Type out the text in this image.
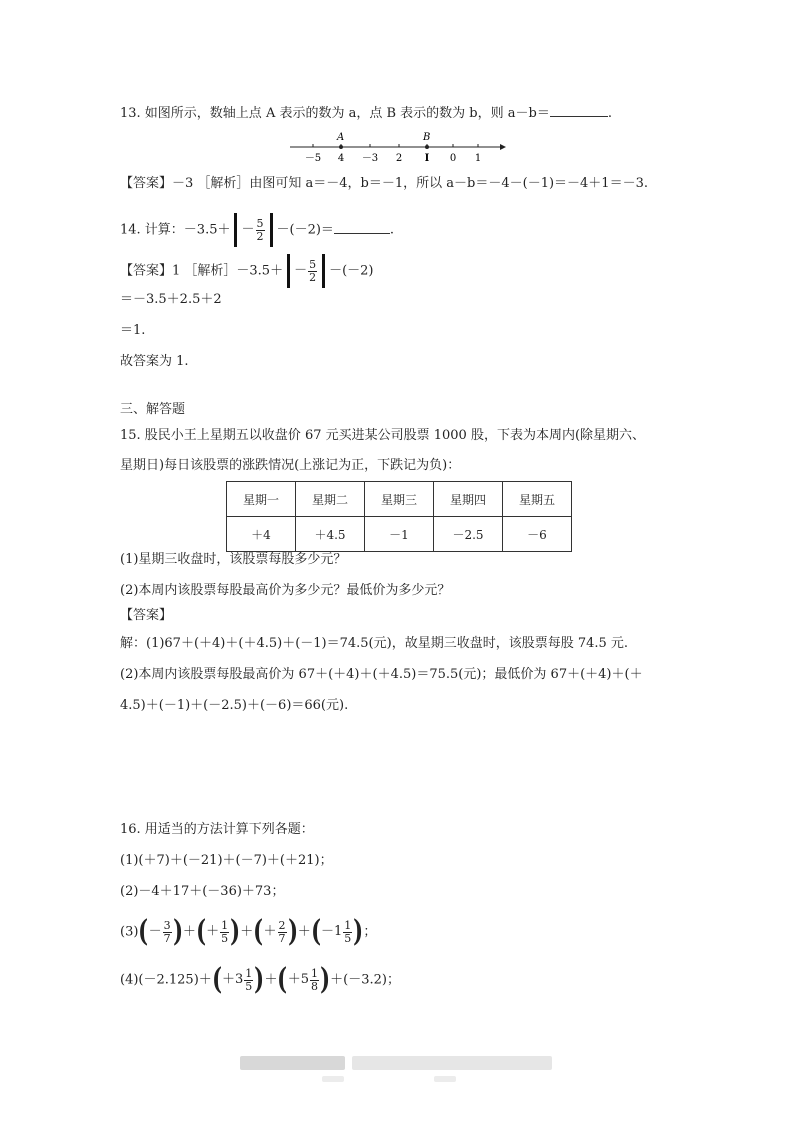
13. 如图所示，数轴上点 A 表示的数为 a，点 B 表示的数为 b，则 a－b＝	.
A	B
－5 4 －3 2 I 0 1
【答案】－3 ［解析］由图可知 a＝－4，b＝－1，所以 a－b＝－4－(－1)＝－4＋1＝－3.
14. 计算：$-3.5+ - \frac{5}{2} -(-2)=$	.
【答案】1 ［解析］－3.5＋ － $\frac{5}{2} -(-2)$
＝－3.5＋2.5＋2
＝1.
故答案为 1.
三、解答题
15. 股民小王上星期五以收盘价 67 元买进某公司股票 1000 股，下表为本周内(除星期六、
星期日)每日该股票的涨跌情况(上涨记为正，下跌记为负)：
星期一	星期二	星期三	星期四	星期五
＋4	＋4.5	－1	－2.5	－6
(1)星期三收盘时，该股票每股多少元？
(2)本周内该股票每股最高价为多少元？最低价为多少元？
【答案】
解：(1)67＋(＋4)＋(＋4.5)＋(－1)＝74.5(元)，故星期三收盘时，该股票每股 74.5 元.
(2)本周内该股票每股最高价为 67＋(＋4)＋(＋4.5)＝75.5(元)；最低价为 67＋(＋4)＋(＋
4.5)＋(－1)＋(－2.5)＋(－6)＝66(元).
16. 用适当的方法计算下列各题：
(1)(＋7)＋(－21)＋(－7)＋(＋21)；
(2)－4＋17＋(－36)＋73；
(3) ( － $\frac{3}{7}$ ) ＋ ( ＋ $\frac{1}{5}$ ) ＋ ( ＋ $\frac{2}{7}$ ) ＋ ( $-1 \frac{1}{5}$ ) ；
(4)(－2.125)＋ ( $+3 \frac{1}{5}$ ) ＋ ( $+5 \frac{1}{8}$ ) ＋(－3.2)；
